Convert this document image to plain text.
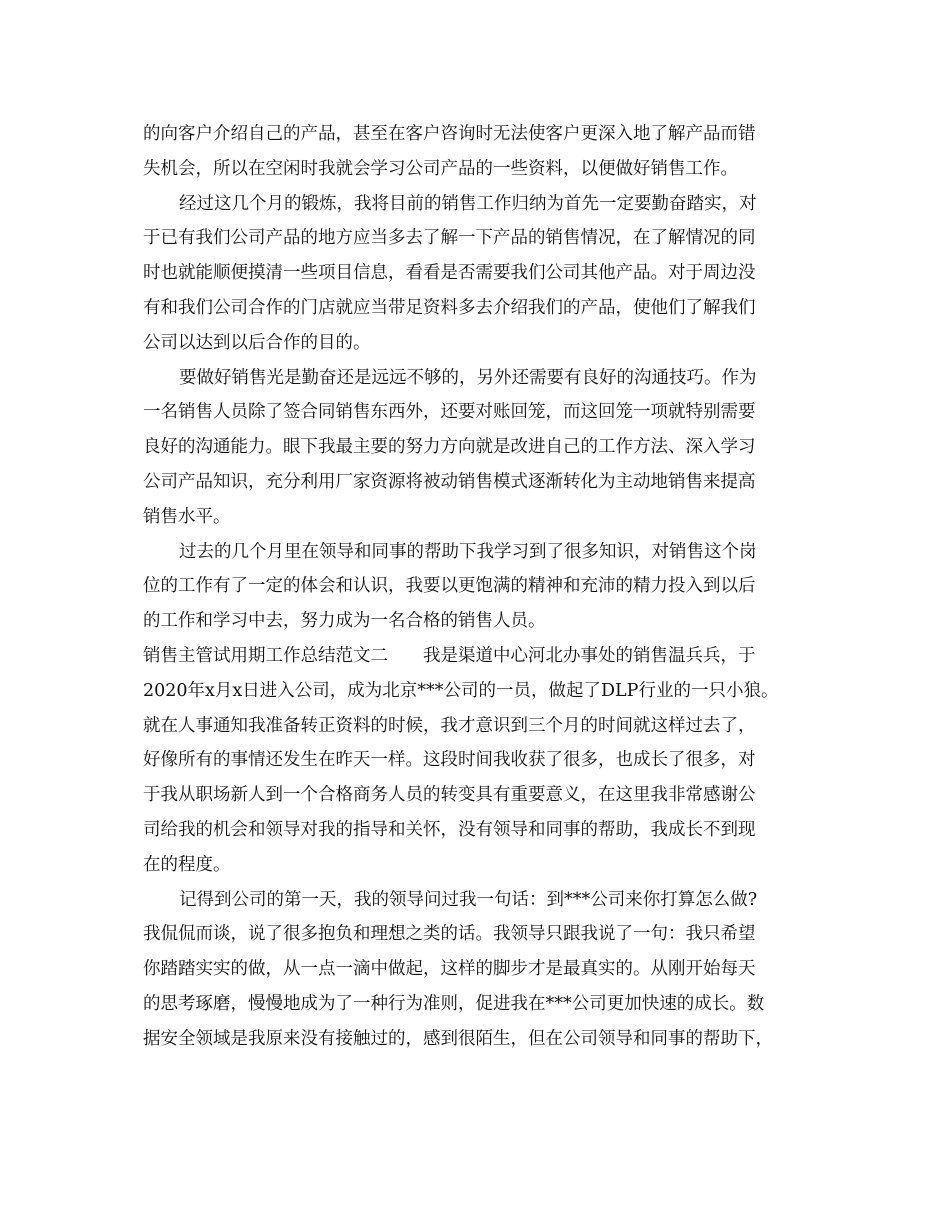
的向客户介绍自己的产品，甚至在客户咨询时无法使客户更深入地了解产品而错

失机会，所以在空闲时我就会学习公司产品的一些资料，以便做好销售工作。

经过这几个月的锻炼，我将目前的销售工作归纳为首先一定要勤奋踏实，对

于已有我们公司产品的地方应当多去了解一下产品的销售情况，在了解情况的同

时也就能顺便摸清一些项目信息，看看是否需要我们公司其他产品。对于周边没

有和我们公司合作的门店就应当带足资料多去介绍我们的产品，使他们了解我们

公司以达到以后合作的目的。

要做好销售光是勤奋还是远远不够的，另外还需要有良好的沟通技巧。作为

一名销售人员除了签合同销售东西外，还要对账回笼，而这回笼一项就特别需要

良好的沟通能力。眼下我最主要的努力方向就是改进自己的工作方法、深入学习

公司产品知识，充分利用厂家资源将被动销售模式逐渐转化为主动地销售来提高

销售水平。

过去的几个月里在领导和同事的帮助下我学习到了很多知识，对销售这个岗

位的工作有了一定的体会和认识，我要以更饱满的精神和充沛的精力投入到以后

的工作和学习中去，努力成为一名合格的销售人员。

销售主管试用期工作总结范文二　　我是渠道中心河北办事处的销售温兵兵，于

2020年x月x日进入公司，成为北京***公司的一员，做起了DLP行业的一只小狼。

就在人事通知我准备转正资料的时候，我才意识到三个月的时间就这样过去了，

好像所有的事情还发生在昨天一样。这段时间我收获了很多，也成长了很多，对

于我从职场新人到一个合格商务人员的转变具有重要意义，在这里我非常感谢公

司给我的机会和领导对我的指导和关怀，没有领导和同事的帮助，我成长不到现

在的程度。

记得到公司的第一天，我的领导问过我一句话：到***公司来你打算怎么做?

我侃侃而谈，说了很多抱负和理想之类的话。我领导只跟我说了一句：我只希望

你踏踏实实的做，从一点一滴中做起，这样的脚步才是最真实的。从刚开始每天

的思考琢磨，慢慢地成为了一种行为准则，促进我在***公司更加快速的成长。数

据安全领域是我原来没有接触过的，感到很陌生，但在公司领导和同事的帮助下，
